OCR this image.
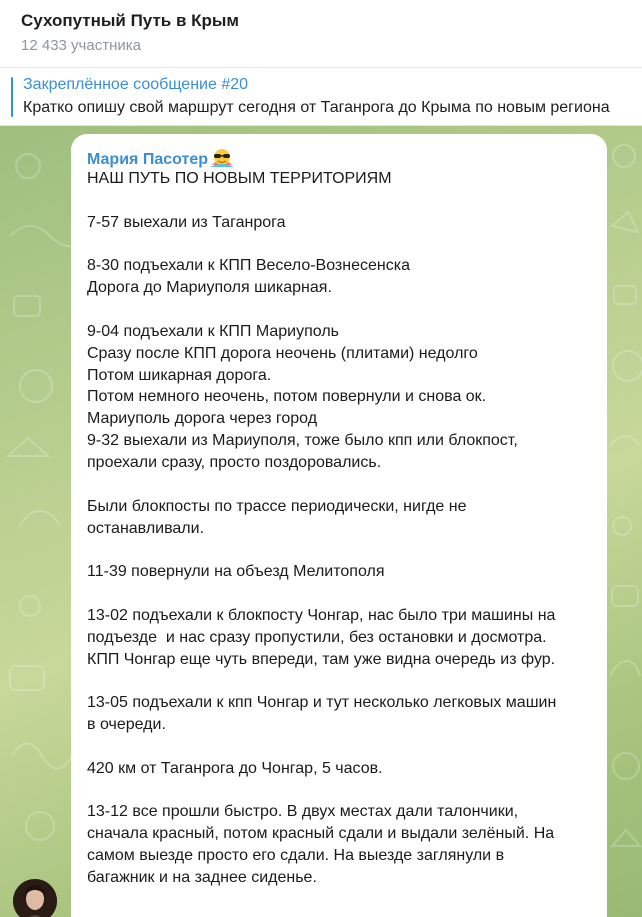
Сухопутный Путь в Крым
12 433 участника
Закреплённое сообщение #20
Кратко опишу свой маршрут сегодня от Таганрога до Крыма по новым региона
Мария Пасотер
НАШ ПУТЬ ПО НОВЫМ ТЕРРИТОРИЯМ

7-57 выехали из Таганрога

8-30 подъехали к КПП Весело-Вознесенска
Дорога до Мариуполя шикарная.

9-04 подъехали к КПП Мариуполь
Сразу после КПП дорога неочень (плитами) недолго
Потом шикарная дорога.
Потом немного неочень, потом повернули и снова ок.
Мариуполь дорога через город
9-32 выехали из Мариуполя, тоже было кпп или блокпост,
проехали сразу, просто поздоровались.

Были блокпосты по трассе периодически, нигде не
останавливали.

11-39 повернули на объезд Мелитополя

13-02 подъехали к блокпосту Чонгар, нас было три машины на
подъезде  и нас сразу пропустили, без остановки и досмотра.
КПП Чонгар еще чуть впереди, там уже видна очередь из фур.

13-05 подъехали к кпп Чонгар и тут несколько легковых машин
в очереди.

420 км от Таганрога до Чонгар, 5 часов.

13-12 все прошли быстро. В двух местах дали талончики,
сначала красный, потом красный сдали и выдали зелёный. На
самом выезде просто его сдали. На выезде заглянули в
багажник и на заднее сиденье.
